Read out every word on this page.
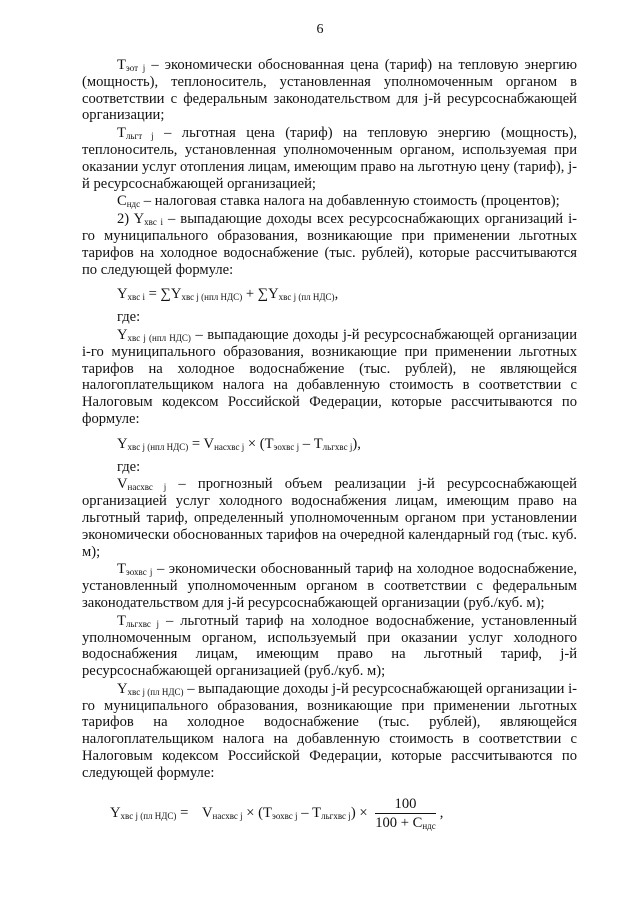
6

$Т_{эот j}$ – экономически обоснованная цена (тариф) на тепловую энергию (мощность), теплоноситель, установленная уполномоченным органом в соответствии с федеральным законодательством для j-й ресурсоснабжающей организации;

$Т_{льгт j}$ – льготная цена (тариф) на тепловую энергию (мощность), теплоноситель, установленная уполномоченным органом, используемая при оказании услуг отопления лицам, имеющим право на льготную цену (тариф), j-й ресурсоснабжающей организацией;

$С_{ндс}$ – налоговая ставка налога на добавленную стоимость (процентов);

2) $Y_{хвс i}$ – выпадающие доходы всех ресурсоснабжающих организаций i-го муниципального образования, возникающие при применении льготных тарифов на холодное водоснабжение (тыс. рублей), которые рассчитываются по следующей формуле:

$Y_{хвс i} = \sum Y_{хвс j (нпл НДС)} + \sum Y_{хвс j (пл НДС)}$,

где:

$Y_{хвс j (нпл НДС)}$ – выпадающие доходы j-й ресурсоснабжающей организации i-го муниципального образования, возникающие при применении льготных тарифов на холодное водоснабжение (тыс. рублей), не являющейся налогоплательщиком налога на добавленную стоимость в соответствии с Налоговым кодексом Российской Федерации, которые рассчитываются по формуле:

$Y_{хвс j (нпл НДС)} = V_{насхвс j} \times (Т_{эохвс j} - Т_{льгхвс j})$,

где:

$V_{насхвс j}$ – прогнозный объем реализации j-й ресурсоснабжающей организацией услуг холодного водоснабжения лицам, имеющим право на льготный тариф, определенный уполномоченным органом при установлении экономически обоснованных тарифов на очередной календарный год (тыс. куб. м);

$Т_{эохвс j}$ – экономически обоснованный тариф на холодное водоснабжение, установленный уполномоченным органом в соответствии с федеральным законодательством для j-й ресурсоснабжающей организации (руб./куб. м);

$Т_{льгхвс j}$ – льготный тариф на холодное водоснабжение, установленный уполномоченным органом, используемый при оказании услуг холодного водоснабжения лицам, имеющим право на льготный тариф, j-й ресурсоснабжающей организацией (руб./куб. м);

$Y_{хвс j (пл НДС)}$ – выпадающие доходы j-й ресурсоснабжающей организации i-го муниципального образования, возникающие при применении льготных тарифов на холодное водоснабжение (тыс. рублей), являющейся налогоплательщиком налога на добавленную стоимость в соответствии с Налоговым кодексом Российской Федерации, которые рассчитываются по следующей формуле:

$Y_{хвс j (пл НДС)} = V_{насхвс j} \times (Т_{эохвс j} - Т_{льгхвс j}) \times \frac{100}{100 + С_{ндс}}$ ,
